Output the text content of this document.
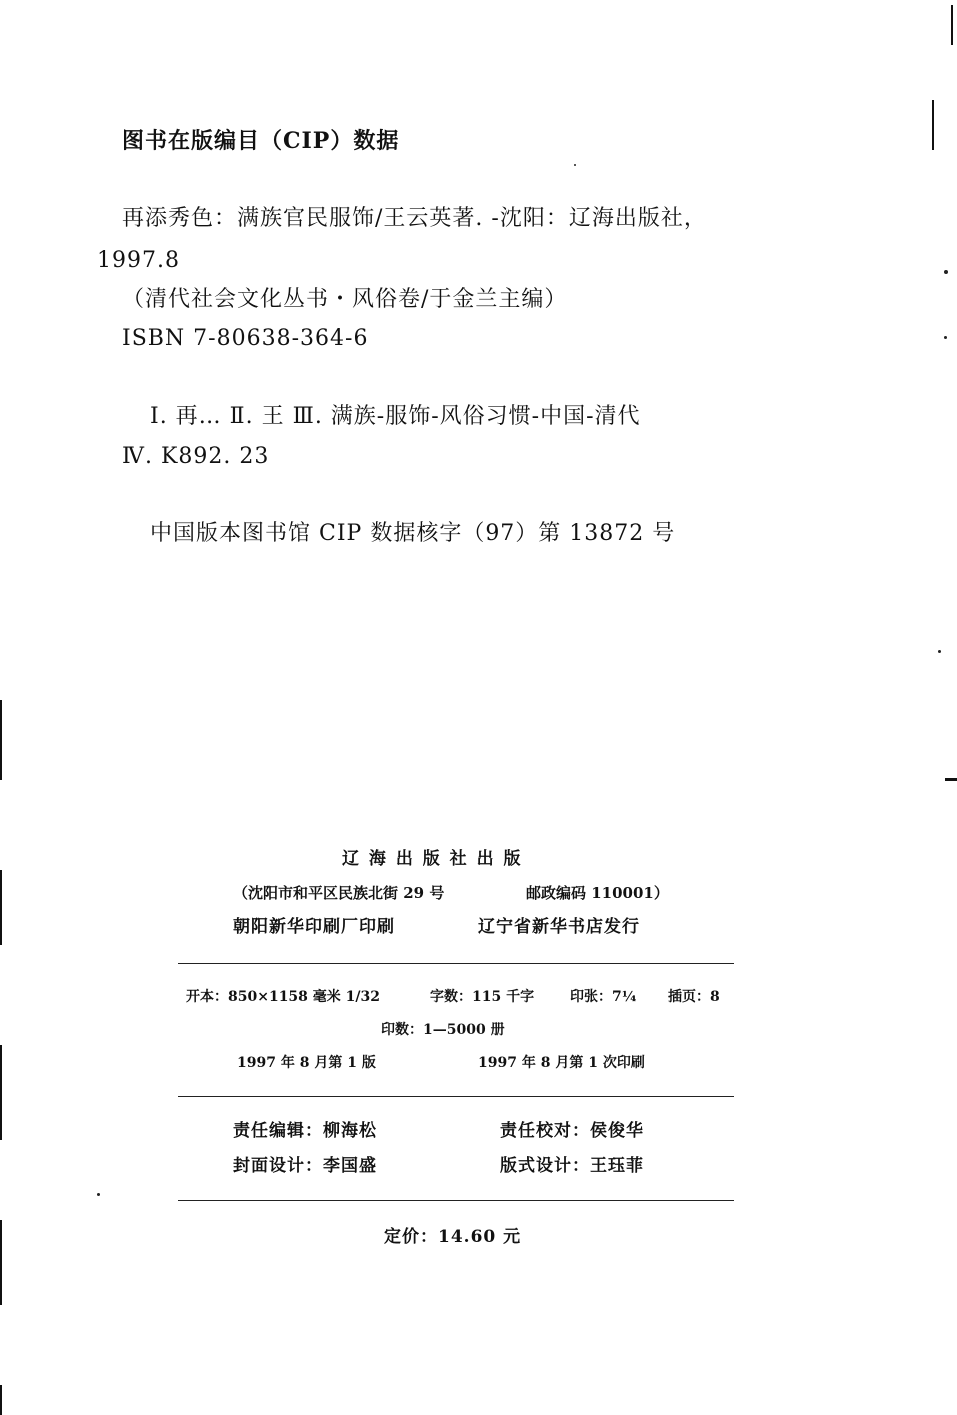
图书在版编目（CIP）数据
再添秀色：满族官民服饰/王云英著. -沈阳：辽海出版社，
1997.8
（清代社会文化丛书・风俗卷/于金兰主编）
ISBN 7-80638-364-6
Ⅰ. 再… Ⅱ. 王 Ⅲ. 满族-服饰-风俗习惯-中国-清代
Ⅳ. K892. 23
中国版本图书馆 CIP 数据核字（97）第 13872 号
辽 海 出 版 社 出 版
（沈阳市和平区民族北街 29 号	邮政编码 110001）
朝阳新华印刷厂印刷	辽宁省新华书店发行
开本：850×1158 毫米 1/32	字数：115 千字	印张：7¼ 插页：8
印数：1—5000 册
1997 年 8 月第 1 版	1997 年 8 月第 1 次印刷
责任编辑：柳海松	责任校对：侯俊华
封面设计：李国盛	版式设计：王珏菲
定价：14.60 元
